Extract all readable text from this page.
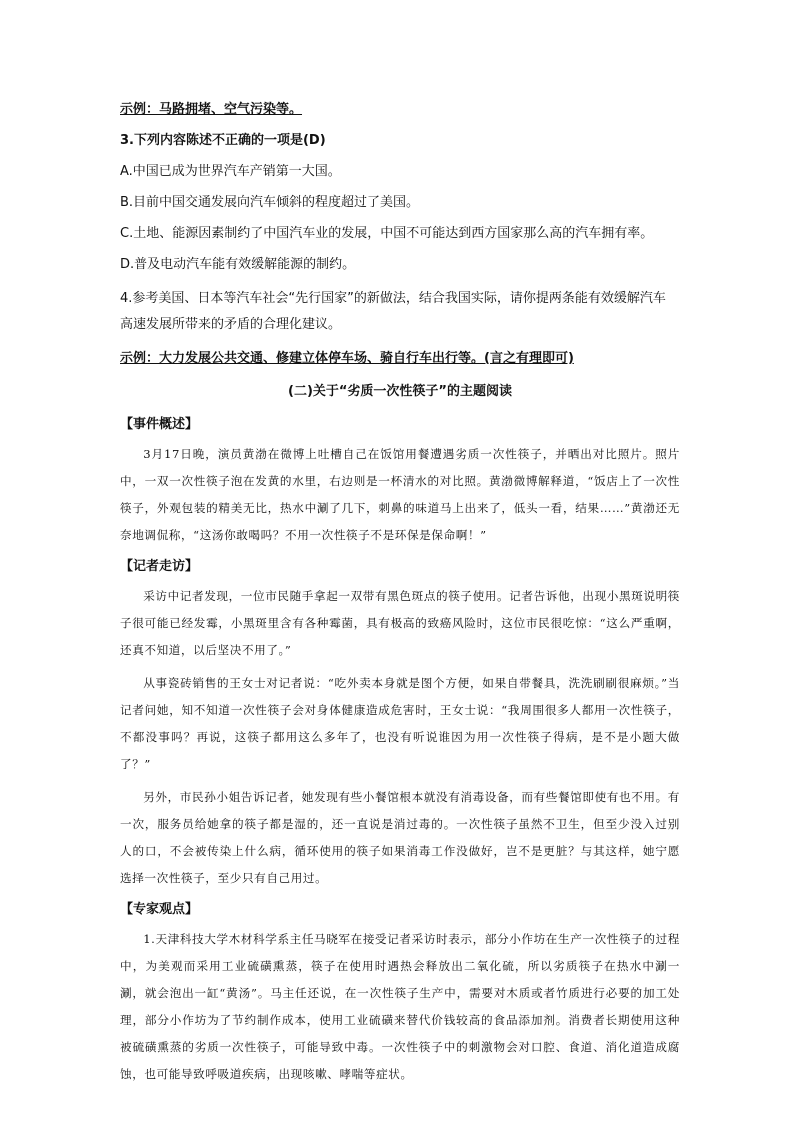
示例：马路拥堵、空气污染等。

3.下列内容陈述不正确的一项是(D)

A.中国已成为世界汽车产销第一大国。

B.目前中国交通发展向汽车倾斜的程度超过了美国。

C.土地、能源因素制约了中国汽车业的发展，中国不可能达到西方国家那么高的汽车拥有率。

D.普及电动汽车能有效缓解能源的制约。

4.参考美国、日本等汽车社会“先行国家”的新做法，结合我国实际，请你提两条能有效缓解汽车

高速发展所带来的矛盾的合理化建议。

示例：大力发展公共交通、修建立体停车场、骑自行车出行等。(言之有理即可)

(二)关于“劣质一次性筷子”的主题阅读

【事件概述】

3月17日晚，演员黄渤在微博上吐槽自己在饭馆用餐遭遇劣质一次性筷子，并晒出对比照片。照片中，一双一次性筷子泡在发黄的水里，右边则是一杯清水的对比照。黄渤微博解释道，“饭店上了一次性筷子，外观包装的精美无比，热水中涮了几下，刺鼻的味道马上出来了，低头一看，结果……”黄渤还无奈地调侃称，“这汤你敢喝吗？不用一次性筷子不是环保是保命啊！”

【记者走访】

采访中记者发现，一位市民随手拿起一双带有黑色斑点的筷子使用。记者告诉他，出现小黑斑说明筷子很可能已经发霉，小黑斑里含有各种霉菌，具有极高的致癌风险时，这位市民很吃惊：“这么严重啊，还真不知道，以后坚决不用了。”

从事瓷砖销售的王女士对记者说：“吃外卖本身就是图个方便，如果自带餐具，洗洗刷刷很麻烦。”当记者问她，知不知道一次性筷子会对身体健康造成危害时，王女士说：“我周围很多人都用一次性筷子，不都没事吗？再说，这筷子都用这么多年了，也没有听说谁因为用一次性筷子得病，是不是小题大做了？”

另外，市民孙小姐告诉记者，她发现有些小餐馆根本就没有消毒设备，而有些餐馆即使有也不用。有一次，服务员给她拿的筷子都是湿的，还一直说是消过毒的。一次性筷子虽然不卫生，但至少没入过别人的口，不会被传染上什么病，循环使用的筷子如果消毒工作没做好，岂不是更脏？与其这样，她宁愿选择一次性筷子，至少只有自己用过。

【专家观点】

1.天津科技大学木材科学系主任马晓军在接受记者采访时表示，部分小作坊在生产一次性筷子的过程中，为美观而采用工业硫磺熏蒸，筷子在使用时遇热会释放出二氧化硫，所以劣质筷子在热水中涮一涮，就会泡出一缸“黄汤”。马主任还说，在一次性筷子生产中，需要对木质或者竹质进行必要的加工处理，部分小作坊为了节约制作成本，使用工业硫磺来替代价钱较高的食品添加剂。消费者长期使用这种被硫磺熏蒸的劣质一次性筷子，可能导致中毒。一次性筷子中的刺激物会对口腔、食道、消化道造成腐蚀，也可能导致呼吸道疾病，出现咳嗽、哮喘等症状。
